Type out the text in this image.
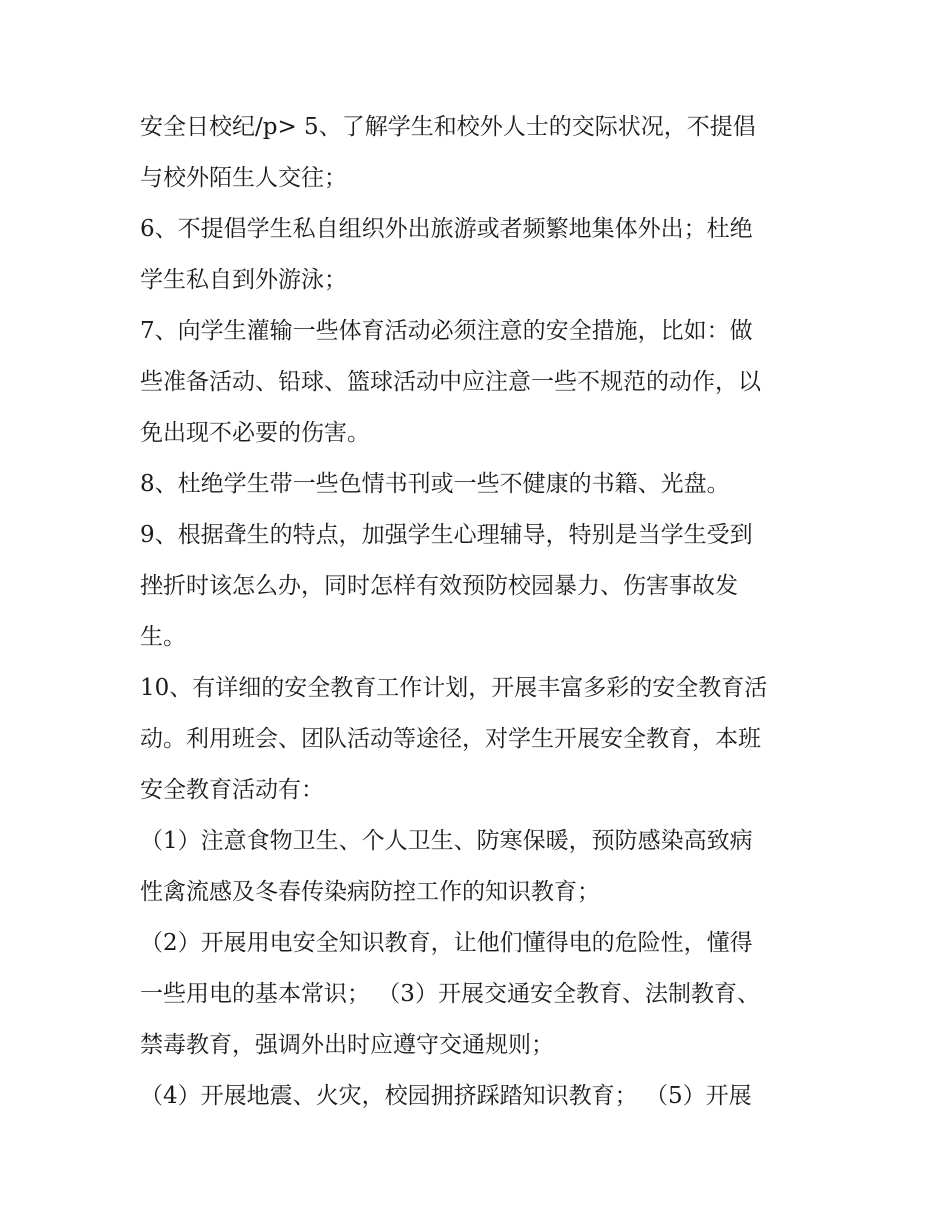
安全日校纪/p> 5、了解学生和校外人士的交际状况，不提倡
与校外陌生人交往；
6、不提倡学生私自组织外出旅游或者频繁地集体外出；杜绝
学生私自到外游泳；
7、向学生灌输一些体育活动必须注意的安全措施，比如：做
些准备活动、铅球、篮球活动中应注意一些不规范的动作，以
免出现不必要的伤害。
8、杜绝学生带一些色情书刊或一些不健康的书籍、光盘。
9、根据聋生的特点，加强学生心理辅导，特别是当学生受到
挫折时该怎么办，同时怎样有效预防校园暴力、伤害事故发
生。
10、有详细的安全教育工作计划，开展丰富多彩的安全教育活
动。利用班会、团队活动等途径，对学生开展安全教育，本班
安全教育活动有：
（1）注意食物卫生、个人卫生、防寒保暖，预防感染高致病
性禽流感及冬春传染病防控工作的知识教育；
（2）开展用电安全知识教育，让他们懂得电的危险性，懂得
一些用电的基本常识； （3）开展交通安全教育、法制教育、
禁毒教育，强调外出时应遵守交通规则；
（4）开展地震、火灾，校园拥挤踩踏知识教育； （5）开展
